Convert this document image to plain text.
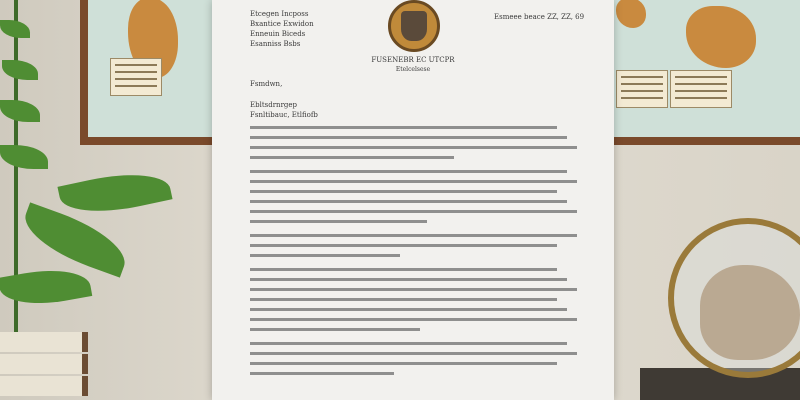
Etcegen Incposs
Bxantice Exwidon
Enneuin Biceds
Esanniss Bsbs
Esmeee beace ZZ, ZZ, 69
FUSENEBR EC UTCPR
Etelcelsese
Fsmdwn,
Ebltsdrnrgep
Fsnltibauc, Etlfiofb
